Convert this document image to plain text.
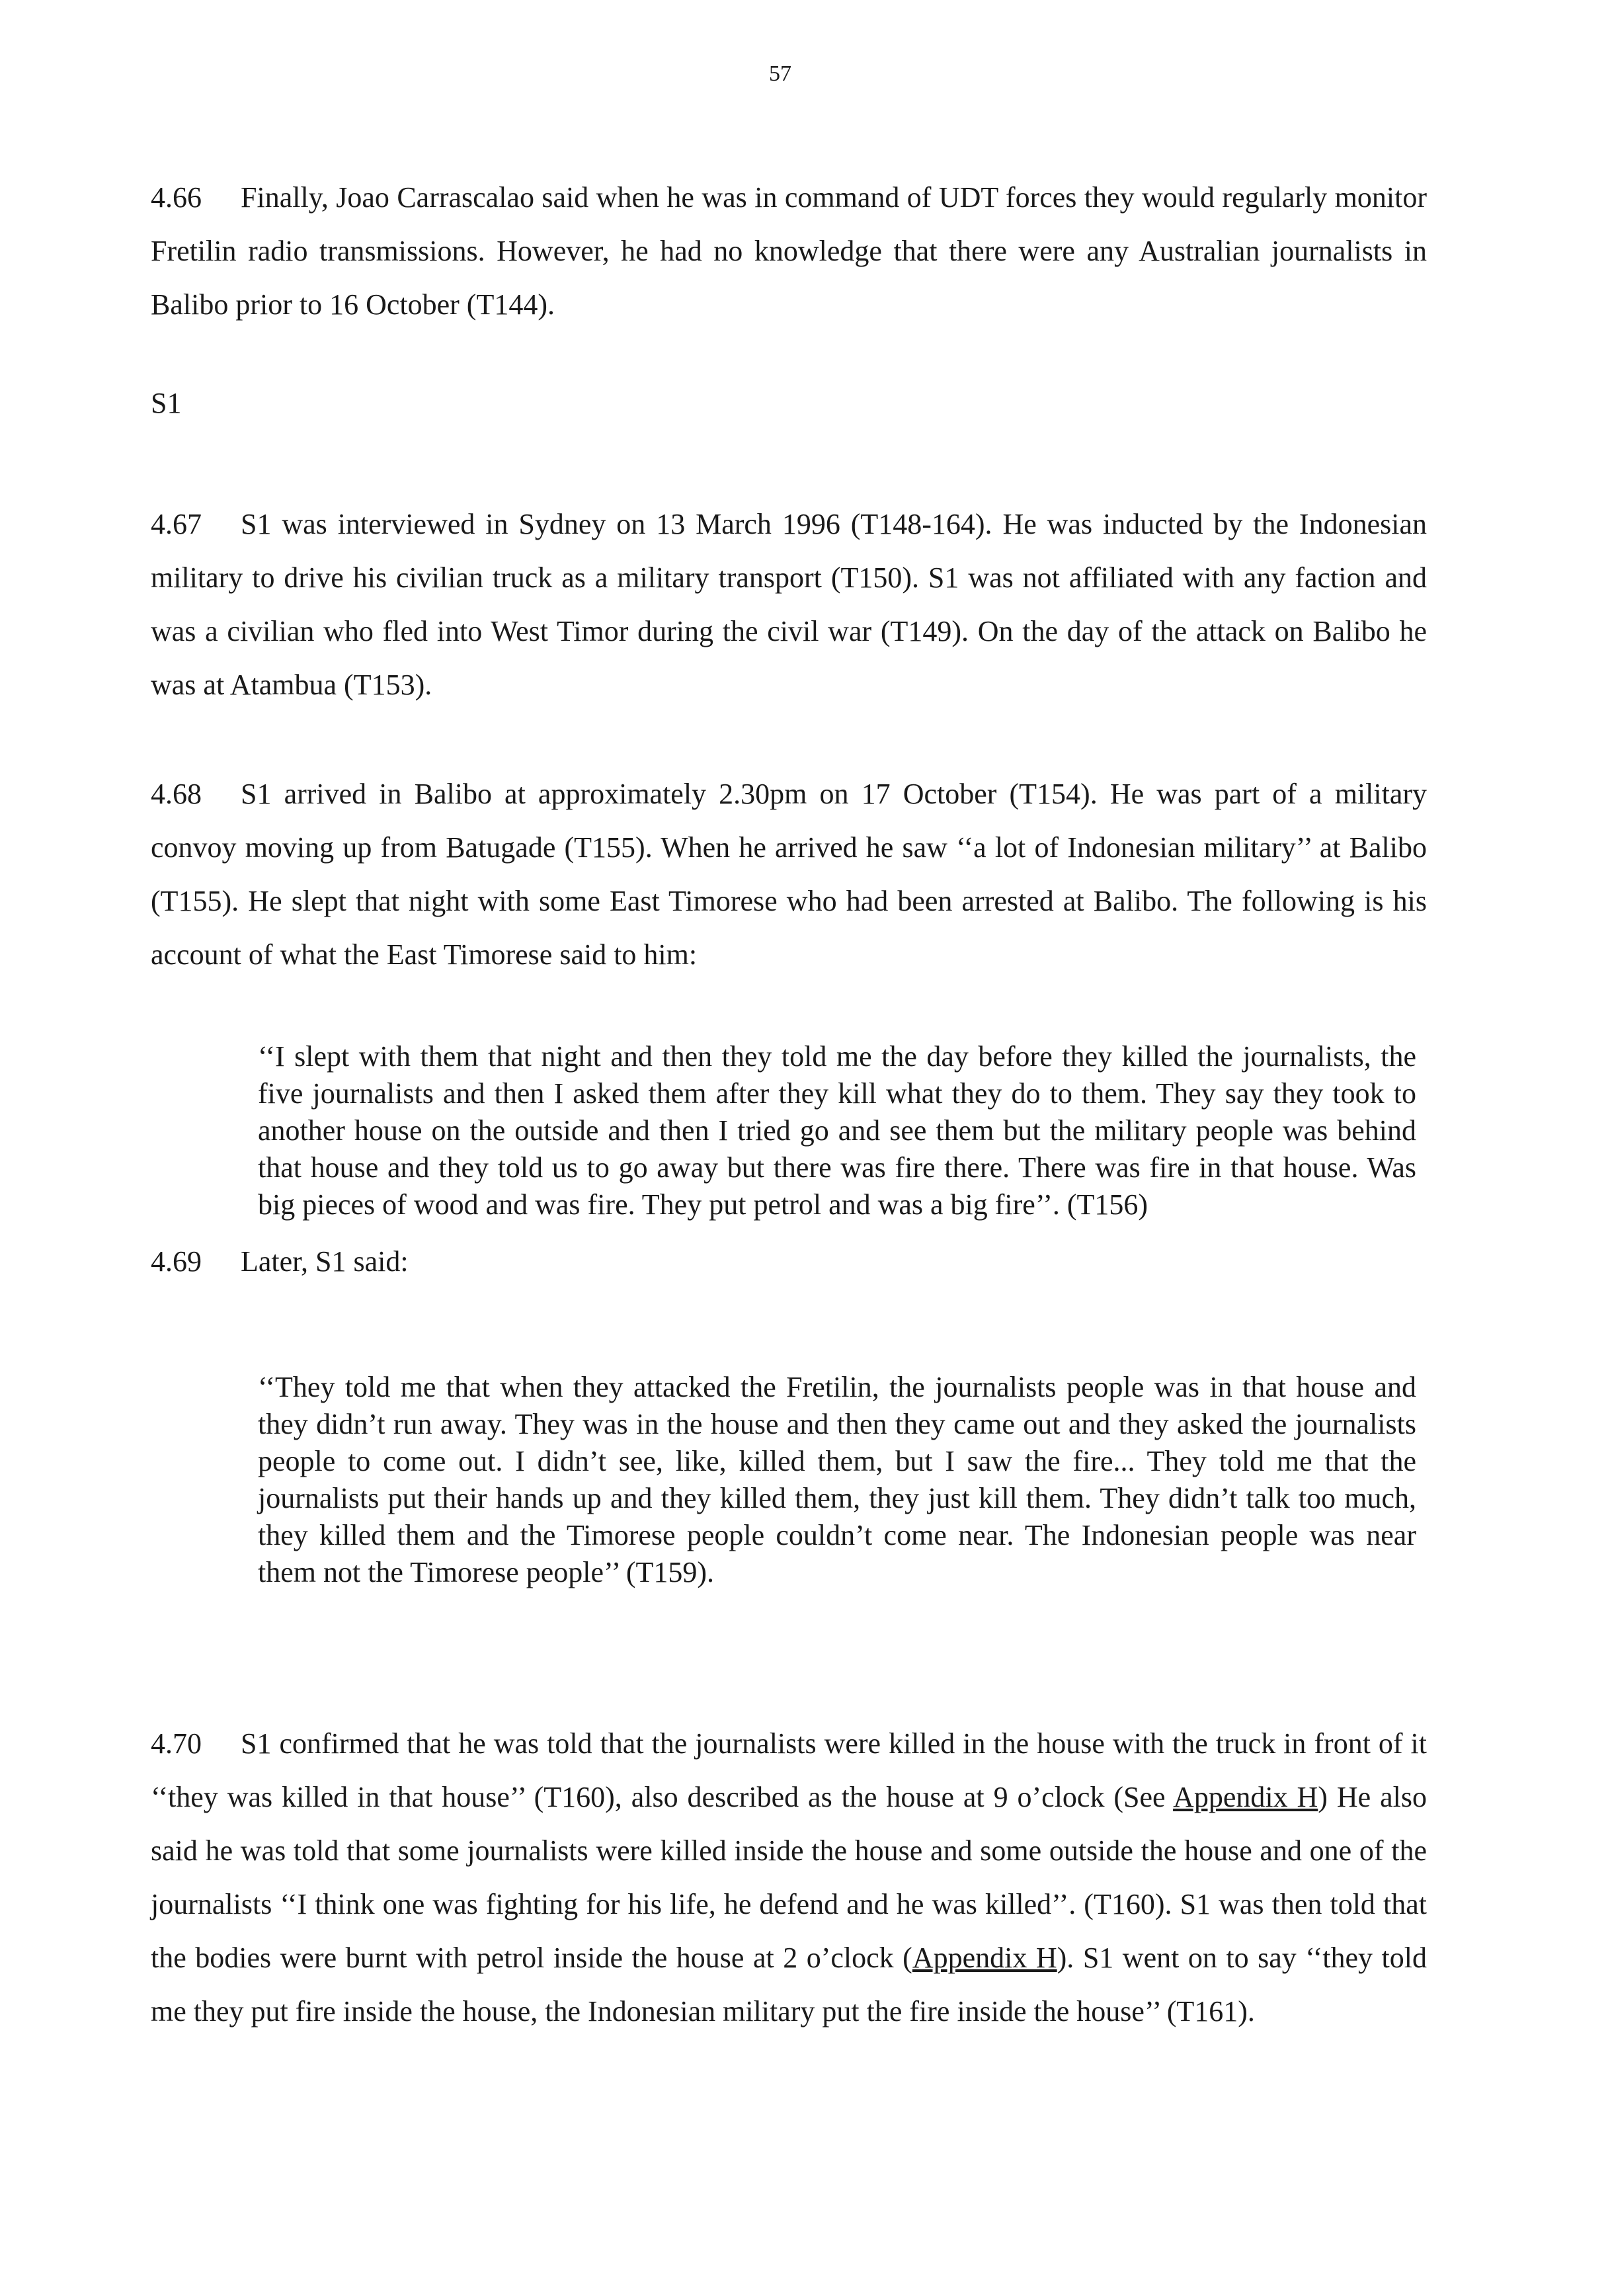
57
4.66 Finally, Joao Carrascalao said when he was in command of UDT forces they would regularly monitor Fretilin radio transmissions. However, he had no knowledge that there were any Australian journalists in Balibo prior to 16 October (T144).
S1
4.67 S1 was interviewed in Sydney on 13 March 1996 (T148-164). He was inducted by the Indonesian military to drive his civilian truck as a military transport (T150). S1 was not affiliated with any faction and was a civilian who fled into West Timor during the civil war (T149). On the day of the attack on Balibo he was at Atambua (T153).
4.68 S1 arrived in Balibo at approximately 2.30pm on 17 October (T154). He was part of a military convoy moving up from Batugade (T155). When he arrived he saw ‘‘a lot of Indonesian military’’ at Balibo (T155). He slept that night with some East Timorese who had been arrested at Balibo. The following is his account of what the East Timorese said to him:
‘‘I slept with them that night and then they told me the day before they killed the journalists, the five journalists and then I asked them after they kill what they do to them. They say they took to another house on the outside and then I tried go and see them but the military people was behind that house and they told us to go away but there was fire there. There was fire in that house. Was big pieces of wood and was fire. They put petrol and was a big fire’’. (T156)
4.69 Later, S1 said:
‘‘They told me that when they attacked the Fretilin, the journalists people was in that house and they didn’t run away. They was in the house and then they came out and they asked the journalists people to come out. I didn’t see, like, killed them, but I saw the fire... They told me that the journalists put their hands up and they killed them, they just kill them. They didn’t talk too much, they killed them and the Timorese people couldn’t come near. The Indonesian people was near them not the Timorese people’’ (T159).
4.70 S1 confirmed that he was told that the journalists were killed in the house with the truck in front of it ‘‘they was killed in that house’’ (T160), also described as the house at 9 o’clock (See Appendix H) He also said he was told that some journalists were killed inside the house and some outside the house and one of the journalists ‘‘I think one was fighting for his life, he defend and he was killed’’. (T160). S1 was then told that the bodies were burnt with petrol inside the house at 2 o’clock (Appendix H). S1 went on to say ‘‘they told me they put fire inside the house, the Indonesian military put the fire inside the house’’ (T161).
